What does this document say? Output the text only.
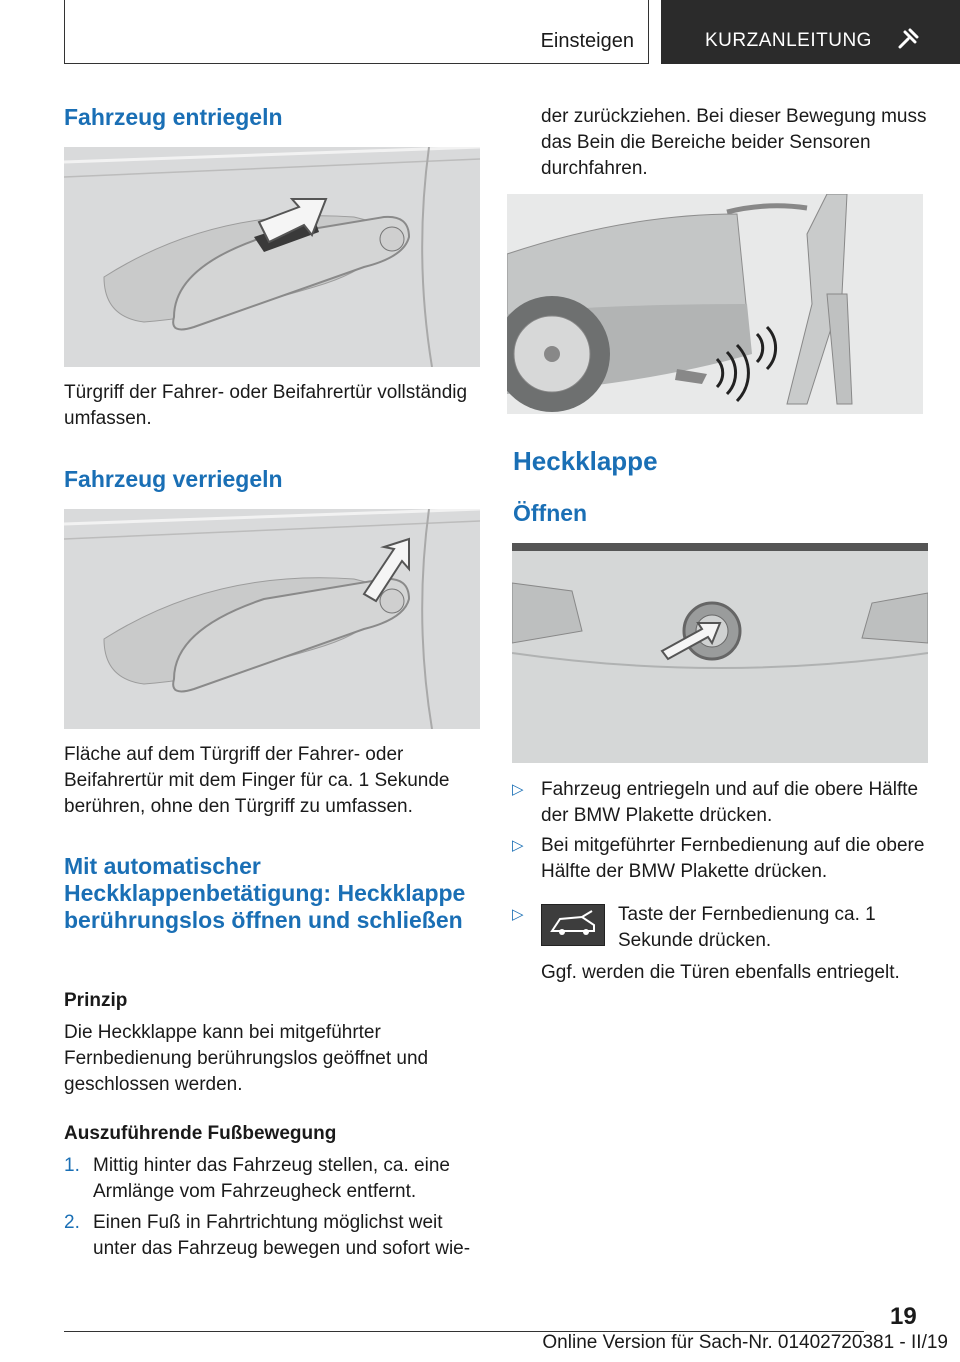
Einsteigen	KURZANLEITUNG
Fahrzeug entriegeln
Türgriff der Fahrer- oder Beifahrertür vollständig umfassen.
Fahrzeug verriegeln
Fläche auf dem Türgriff der Fahrer- oder Beifahrertür mit dem Finger für ca. 1 Sekunde berühren, ohne den Türgriff zu umfassen.
Mit automatischer Heckklappenbetätigung: Heckklappe berührungslos öffnen und schließen
Prinzip
Die Heckklappe kann bei mitgeführter Fernbedienung berührungslos geöffnet und geschlossen werden.
Auszuführende Fußbewegung
1. Mittig hinter das Fahrzeug stellen, ca. eine Armlänge vom Fahrzeugheck entfernt.
2. Einen Fuß in Fahrtrichtung möglichst weit unter das Fahrzeug bewegen und sofort wie-
der zurückziehen. Bei dieser Bewegung muss das Bein die Bereiche beider Sensoren durchfahren.
Heckklappe
Öffnen
▷ Fahrzeug entriegeln und auf die obere Hälfte der BMW Plakette drücken.
▷ Bei mitgeführter Fernbedienung auf die obere Hälfte der BMW Plakette drücken.
▷	Taste der Fernbedienung ca. 1 Sekunde drücken.
Ggf. werden die Türen ebenfalls entriegelt.
19
Online Version für Sach-Nr. 01402720381 - II/19
